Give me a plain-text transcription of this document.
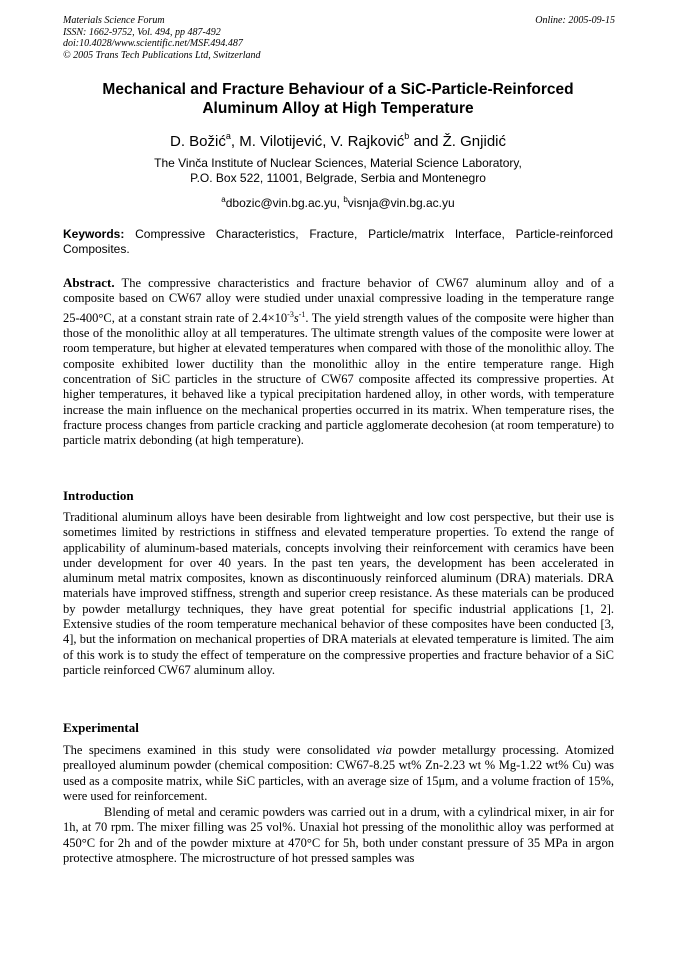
Materials Science Forum
ISSN: 1662-9752, Vol. 494, pp 487-492
doi:10.4028/www.scientific.net/MSF.494.487
© 2005 Trans Tech Publications Ltd, Switzerland
Online: 2005-09-15
Mechanical and Fracture Behaviour of a SiC-Particle-Reinforced
Aluminum Alloy at High Temperature
D. Božić$^a$, M. Vilotijević, V. Rajković$^b$ and Ž. Gnjidić
The Vinča Institute of Nuclear Sciences, Material Science Laboratory,
P.O. Box 522, 11001, Belgrade, Serbia and Montenegro
$^a$dbozic@vin.bg.ac.yu, $^b$visnja@vin.bg.ac.yu
Keywords: Compressive Characteristics, Fracture, Particle/matrix Interface, Particle-reinforced Composites.
Abstract. The compressive characteristics and fracture behavior of CW67 aluminum alloy and of a composite based on CW67 alloy were studied under unaxial compressive loading in the temperature range 25-400°C, at a constant strain rate of $2.4\times 10^{-3}s^{-1}$. The yield strength values of the composite were higher than those of the monolithic alloy at all temperatures. The ultimate strength values of the composite were lower at room temperature, but higher at elevated temperatures when compared with those of the monolithic alloy. The composite exhibited lower ductility than the monolithic alloy in the entire temperature range. High concentration of SiC particles in the structure of CW67 composite affected its compressive properties. At higher temperatures, it behaved like a typical precipitation hardened alloy, in other words, with temperature increase the main influence on the mechanical properties occurred in its matrix. When temperature rises, the fracture process changes from particle cracking and particle agglomerate decohesion (at room temperature) to particle matrix debonding (at high temperature).
Introduction
Traditional aluminum alloys have been desirable from lightweight and low cost perspective, but their use is sometimes limited by restrictions in stiffness and elevated temperature properties. To extend the range of applicability of aluminum-based materials, concepts involving their reinforcement with ceramics have been under development for over 40 years. In the past ten years, the development has been accelerated in aluminum metal matrix composites, known as discontinuously reinforced aluminum (DRA) materials. DRA materials have improved stiffness, strength and superior creep resistance. As these materials can be produced by powder metallurgy techniques, they have great potential for specific industrial applications [1, 2]. Extensive studies of the room temperature mechanical behavior of these composites have been conducted [3, 4], but the information on mechanical properties of DRA materials at elevated temperature is limited. The aim of this work is to study the effect of temperature on the compressive properties and fracture behavior of a SiC particle reinforced CW67 aluminum alloy.
Experimental
The specimens examined in this study were consolidated via powder metallurgy processing. Atomized prealloyed aluminum powder (chemical composition: CW67-8.25 wt% Zn-2.23 wt % Mg-1.22 wt% Cu) was used as a composite matrix, while SiC particles, with an average size of 15μm, and a volume fraction of 15%, were used for reinforcement.
Blending of metal and ceramic powders was carried out in a drum, with a cylindrical mixer, in air for 1h, at 70 rpm. The mixer filling was 25 vol%. Unaxial hot pressing of the monolithic alloy was performed at 450°C for 2h and of the powder mixture at 470°C for 5h, both under constant pressure of 35 MPa in argon protective atmosphere. The microstructure of hot pressed samples was
